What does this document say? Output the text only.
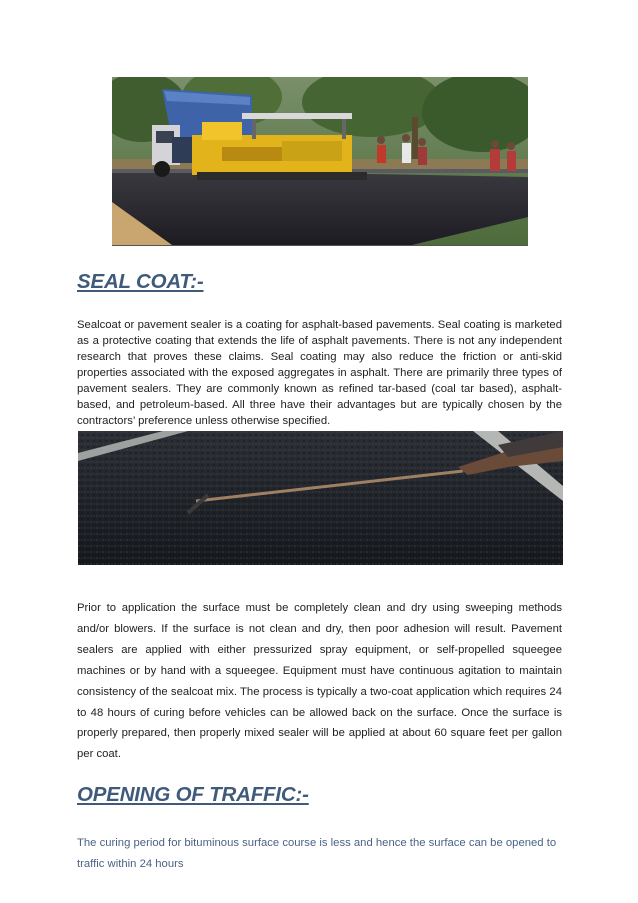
SEAL COAT:-

Sealcoat or pavement sealer is a coating for asphalt-based pavements. Seal coating is marketed as a protective coating that extends the life of asphalt pavements. There is not any independent research that proves these claims. Seal coating may also reduce the friction or anti-skid properties associated with the exposed aggregates in asphalt. There are primarily three types of pavement sealers. They are commonly known as refined tar-based (coal tar based), asphalt-based, and petroleum-based. All three have their advantages but are typically chosen by the contractors’ preference unless otherwise specified.

Prior to application the surface must be completely clean and dry using sweeping methods and/or blowers. If the surface is not clean and dry, then poor adhesion will result. Pavement sealers are applied with either pressurized spray equipment, or self-propelled squeegee machines or by hand with a squeegee. Equipment must have continuous agitation to maintain consistency of the sealcoat mix. The process is typically a two-coat application which requires 24 to 48 hours of curing before vehicles can be allowed back on the surface. Once the surface is properly prepared, then properly mixed sealer will be applied at about 60 square feet per gallon per coat.

OPENING OF TRAFFIC:-

The curing period for bituminous surface course is less and hence the surface can be opened to traffic within 24 hours
